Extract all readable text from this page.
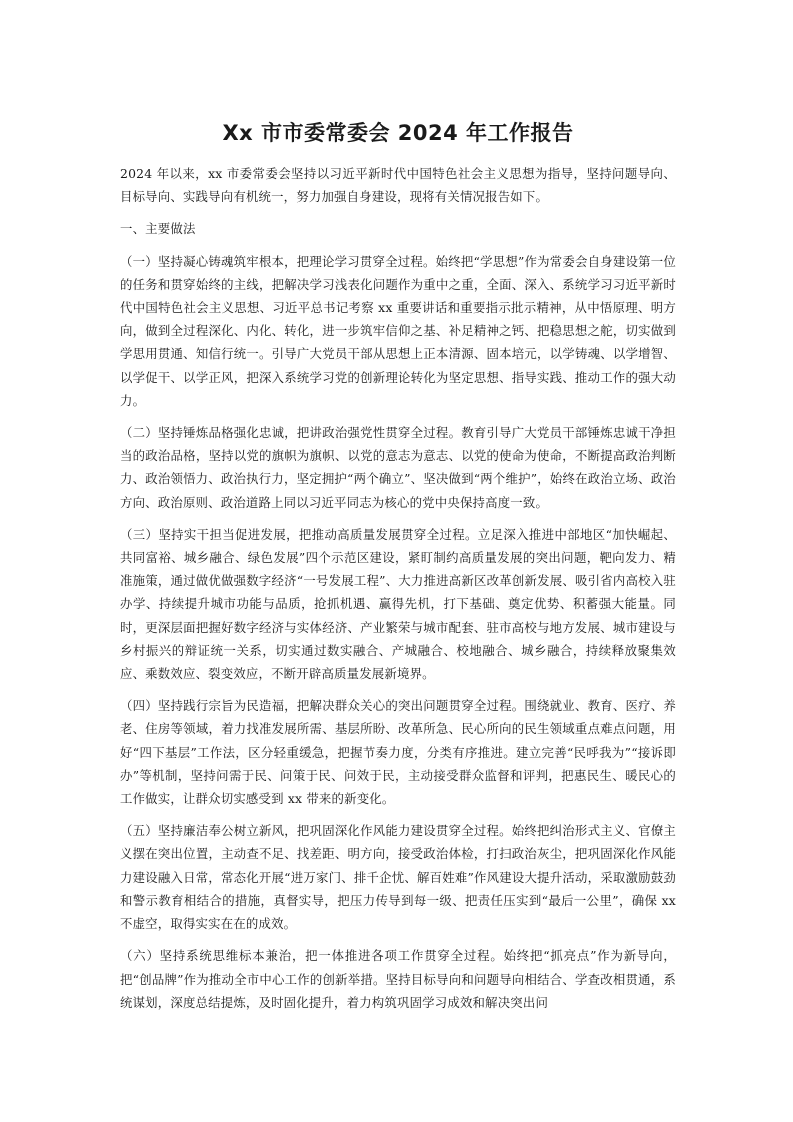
Xx 市市委常委会 2024 年工作报告

2024 年以来，xx 市委常委会坚持以习近平新时代中国特色社会主义思想为指导，坚持问题导向、目标导向、实践导向有机统一，努力加强自身建设，现将有关情况报告如下。

一、主要做法

（一）坚持凝心铸魂筑牢根本，把理论学习贯穿全过程。始终把“学思想”作为常委会自身建设第一位的任务和贯穿始终的主线，把解决学习浅表化问题作为重中之重，全面、深入、系统学习习近平新时代中国特色社会主义思想、习近平总书记考察 xx 重要讲话和重要指示批示精神，从中悟原理、明方向，做到全过程深化、内化、转化，进一步筑牢信仰之基、补足精神之钙、把稳思想之舵，切实做到学思用贯通、知信行统一。引导广大党员干部从思想上正本清源、固本培元，以学铸魂、以学增智、以学促干、以学正风，把深入系统学习党的创新理论转化为坚定思想、指导实践、推动工作的强大动力。

（二）坚持锤炼品格强化忠诚，把讲政治强党性贯穿全过程。教育引导广大党员干部锤炼忠诚干净担当的政治品格，坚持以党的旗帜为旗帜、以党的意志为意志、以党的使命为使命，不断提高政治判断力、政治领悟力、政治执行力，坚定拥护“两个确立”、坚决做到“两个维护”，始终在政治立场、政治方向、政治原则、政治道路上同以习近平同志为核心的党中央保持高度一致。

（三）坚持实干担当促进发展，把推动高质量发展贯穿全过程。立足深入推进中部地区“加快崛起、共同富裕、城乡融合、绿色发展”四个示范区建设，紧盯制约高质量发展的突出问题，靶向发力、精准施策，通过做优做强数字经济“一号发展工程”、大力推进高新区改革创新发展、吸引省内高校入驻办学、持续提升城市功能与品质，抢抓机遇、赢得先机，打下基础、奠定优势、积蓄强大能量。同时，更深层面把握好数字经济与实体经济、产业繁荣与城市配套、驻市高校与地方发展、城市建设与乡村振兴的辩证统一关系，切实通过数实融合、产城融合、校地融合、城乡融合，持续释放聚集效应、乘数效应、裂变效应，不断开辟高质量发展新境界。

（四）坚持践行宗旨为民造福，把解决群众关心的突出问题贯穿全过程。围绕就业、教育、医疗、养老、住房等领域，着力找准发展所需、基层所盼、改革所急、民心所向的民生领域重点难点问题，用好“四下基层”工作法，区分轻重缓急，把握节奏力度，分类有序推进。建立完善“民呼我为”“接诉即办”等机制，坚持问需于民、问策于民、问效于民，主动接受群众监督和评判，把惠民生、暖民心的工作做实，让群众切实感受到 xx 带来的新变化。

（五）坚持廉洁奉公树立新风，把巩固深化作风能力建设贯穿全过程。始终把纠治形式主义、官僚主义摆在突出位置，主动查不足、找差距、明方向，接受政治体检，打扫政治灰尘，把巩固深化作风能力建设融入日常，常态化开展“进万家门、排千企忧、解百姓难”作风建设大提升活动，采取激励鼓劲和警示教育相结合的措施，真督实导，把压力传导到每一级、把责任压实到“最后一公里”，确保 xx 不虚空，取得实实在在的成效。

（六）坚持系统思维标本兼治，把一体推进各项工作贯穿全过程。始终把“抓亮点”作为新导向，把“创品牌”作为推动全市中心工作的创新举措。坚持目标导向和问题导向相结合、学查改相贯通，系统谋划，深度总结提炼，及时固化提升，着力构筑巩固学习成效和解决突出问
